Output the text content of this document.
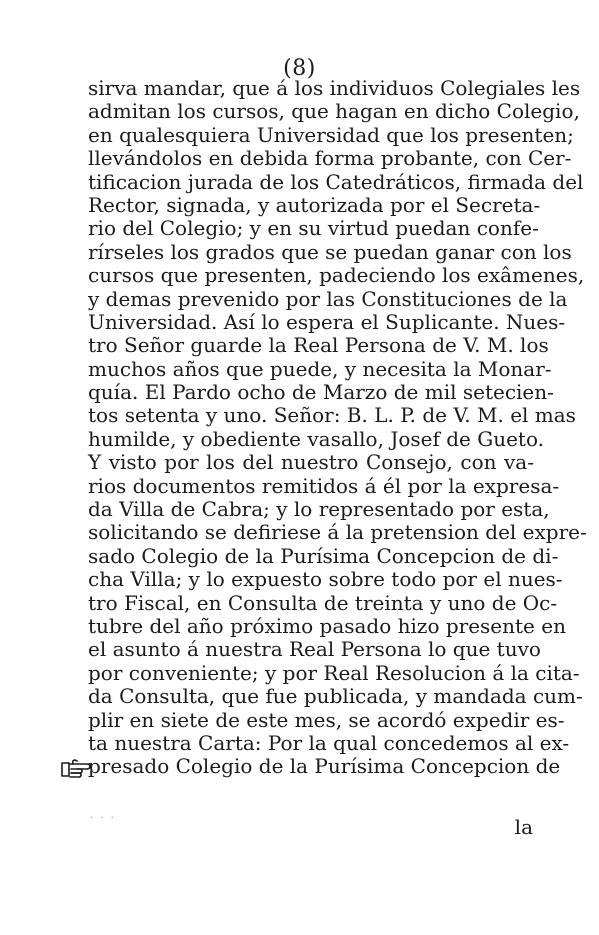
(8)
sirva mandar, que á los individuos Colegiales les
admitan los cursos, que hagan en dicho Colegio,
en qualesquiera Universidad que los presenten;
llevándolos en debida forma probante, con Cer-
tificacion jurada de los Catedráticos, firmada del
Rector, signada, y autorizada por el Secreta-
rio del Colegio; y en su virtud puedan confe-
rírseles los grados que se puedan ganar con los
cursos que presenten, padeciendo los exâmenes,
y demas prevenido por las Constituciones de la
Universidad. Así lo espera el Suplicante. Nues-
tro Señor guarde la Real Persona de V. M. los
muchos años que puede, y necesita la Monar-
quía. El Pardo ocho de Marzo de mil setecien-
tos setenta y uno. Señor: B. L. P. de V. M. el mas
humilde, y obediente vasallo, Josef de Gueto.
Y visto por los del nuestro Consejo, con va-
rios documentos remitidos á él por la expresa-
da Villa de Cabra; y lo representado por esta,
solicitando se defiriese á la pretension del expre-
sado Colegio de la Purísima Concepcion de di-
cha Villa; y lo expuesto sobre todo por el nues-
tro Fiscal, en Consulta de treinta y uno de Oc-
tubre del año próximo pasado hizo presente en
el asunto á nuestra Real Persona lo que tuvo
por conveniente; y por Real Resolucion á la cita-
da Consulta, que fue publicada, y mandada cum-
plir en siete de este mes, se acordó expedir es-
ta nuestra Carta: Por la qual concedemos al ex-
presado Colegio de la Purísima Concepcion de
· · ·	la
